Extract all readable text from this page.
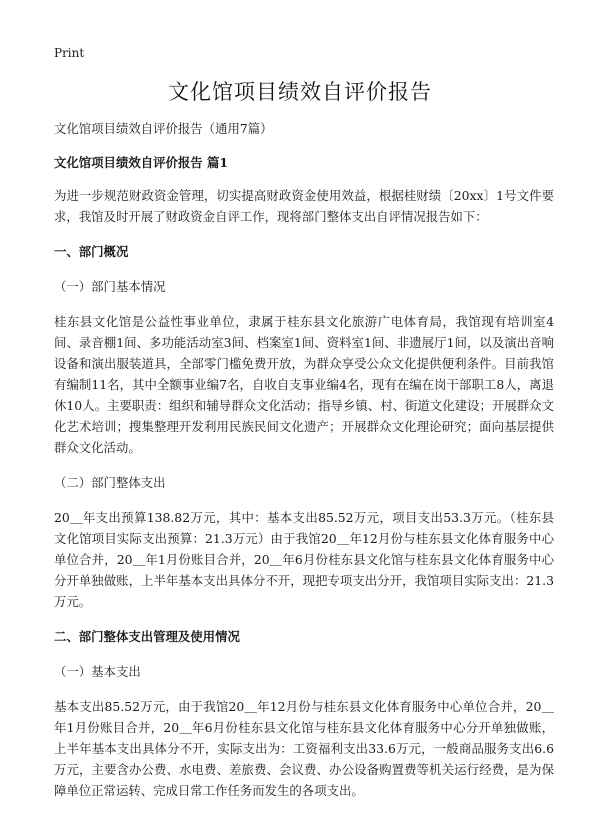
Print
文化馆项目绩效自评价报告

文化馆项目绩效自评价报告（通用7篇）

文化馆项目绩效自评价报告 篇1

为进一步规范财政资金管理，切实提高财政资金使用效益，根据桂财绩〔20xx〕1号文件要求，我馆及时开展了财政资金自评工作，现将部门整体支出自评情况报告如下：

一、部门概况

（一）部门基本情况

桂东县文化馆是公益性事业单位，隶属于桂东县文化旅游广电体育局，我馆现有培训室4间、录音棚1间、多功能活动室3间、档案室1间、资料室1间、非遗展厅1间，以及演出音响设备和演出服装道具，全部零门槛免费开放，为群众享受公众文化提供便利条件。目前我馆有编制11名，其中全额事业编7名，自收自支事业编4名，现有在编在岗干部职工8人，离退休10人。主要职责：组织和辅导群众文化活动；指导乡镇、村、街道文化建设；开展群众文化艺术培训；搜集整理开发利用民族民间文化遗产；开展群众文化理论研究；面向基层提供群众文化活动。

（二）部门整体支出

20＿年支出预算138.82万元，其中：基本支出85.52万元，项目支出53.3万元。（桂东县文化馆项目实际支出预算：21.3万元）由于我馆20＿年12月份与桂东县文化体育服务中心单位合并，20＿年1月份账目合并，20＿年6月份桂东县文化馆与桂东县文化体育服务中心分开单独做账，上半年基本支出具体分不开，现把专项支出分开，我馆项目实际支出：21.3万元。

二、部门整体支出管理及使用情况

（一）基本支出

基本支出85.52万元，由于我馆20＿年12月份与桂东县文化体育服务中心单位合并，20＿年1月份账目合并，20＿年6月份桂东县文化馆与桂东县文化体育服务中心分开单独做账，上半年基本支出具体分不开，实际支出为：工资福利支出33.6万元，一般商品服务支出6.6万元，主要含办公费、水电费、差旅费、会议费、办公设备购置费等机关运行经费，是为保障单位正常运转、完成日常工作任务而发生的各项支出。
